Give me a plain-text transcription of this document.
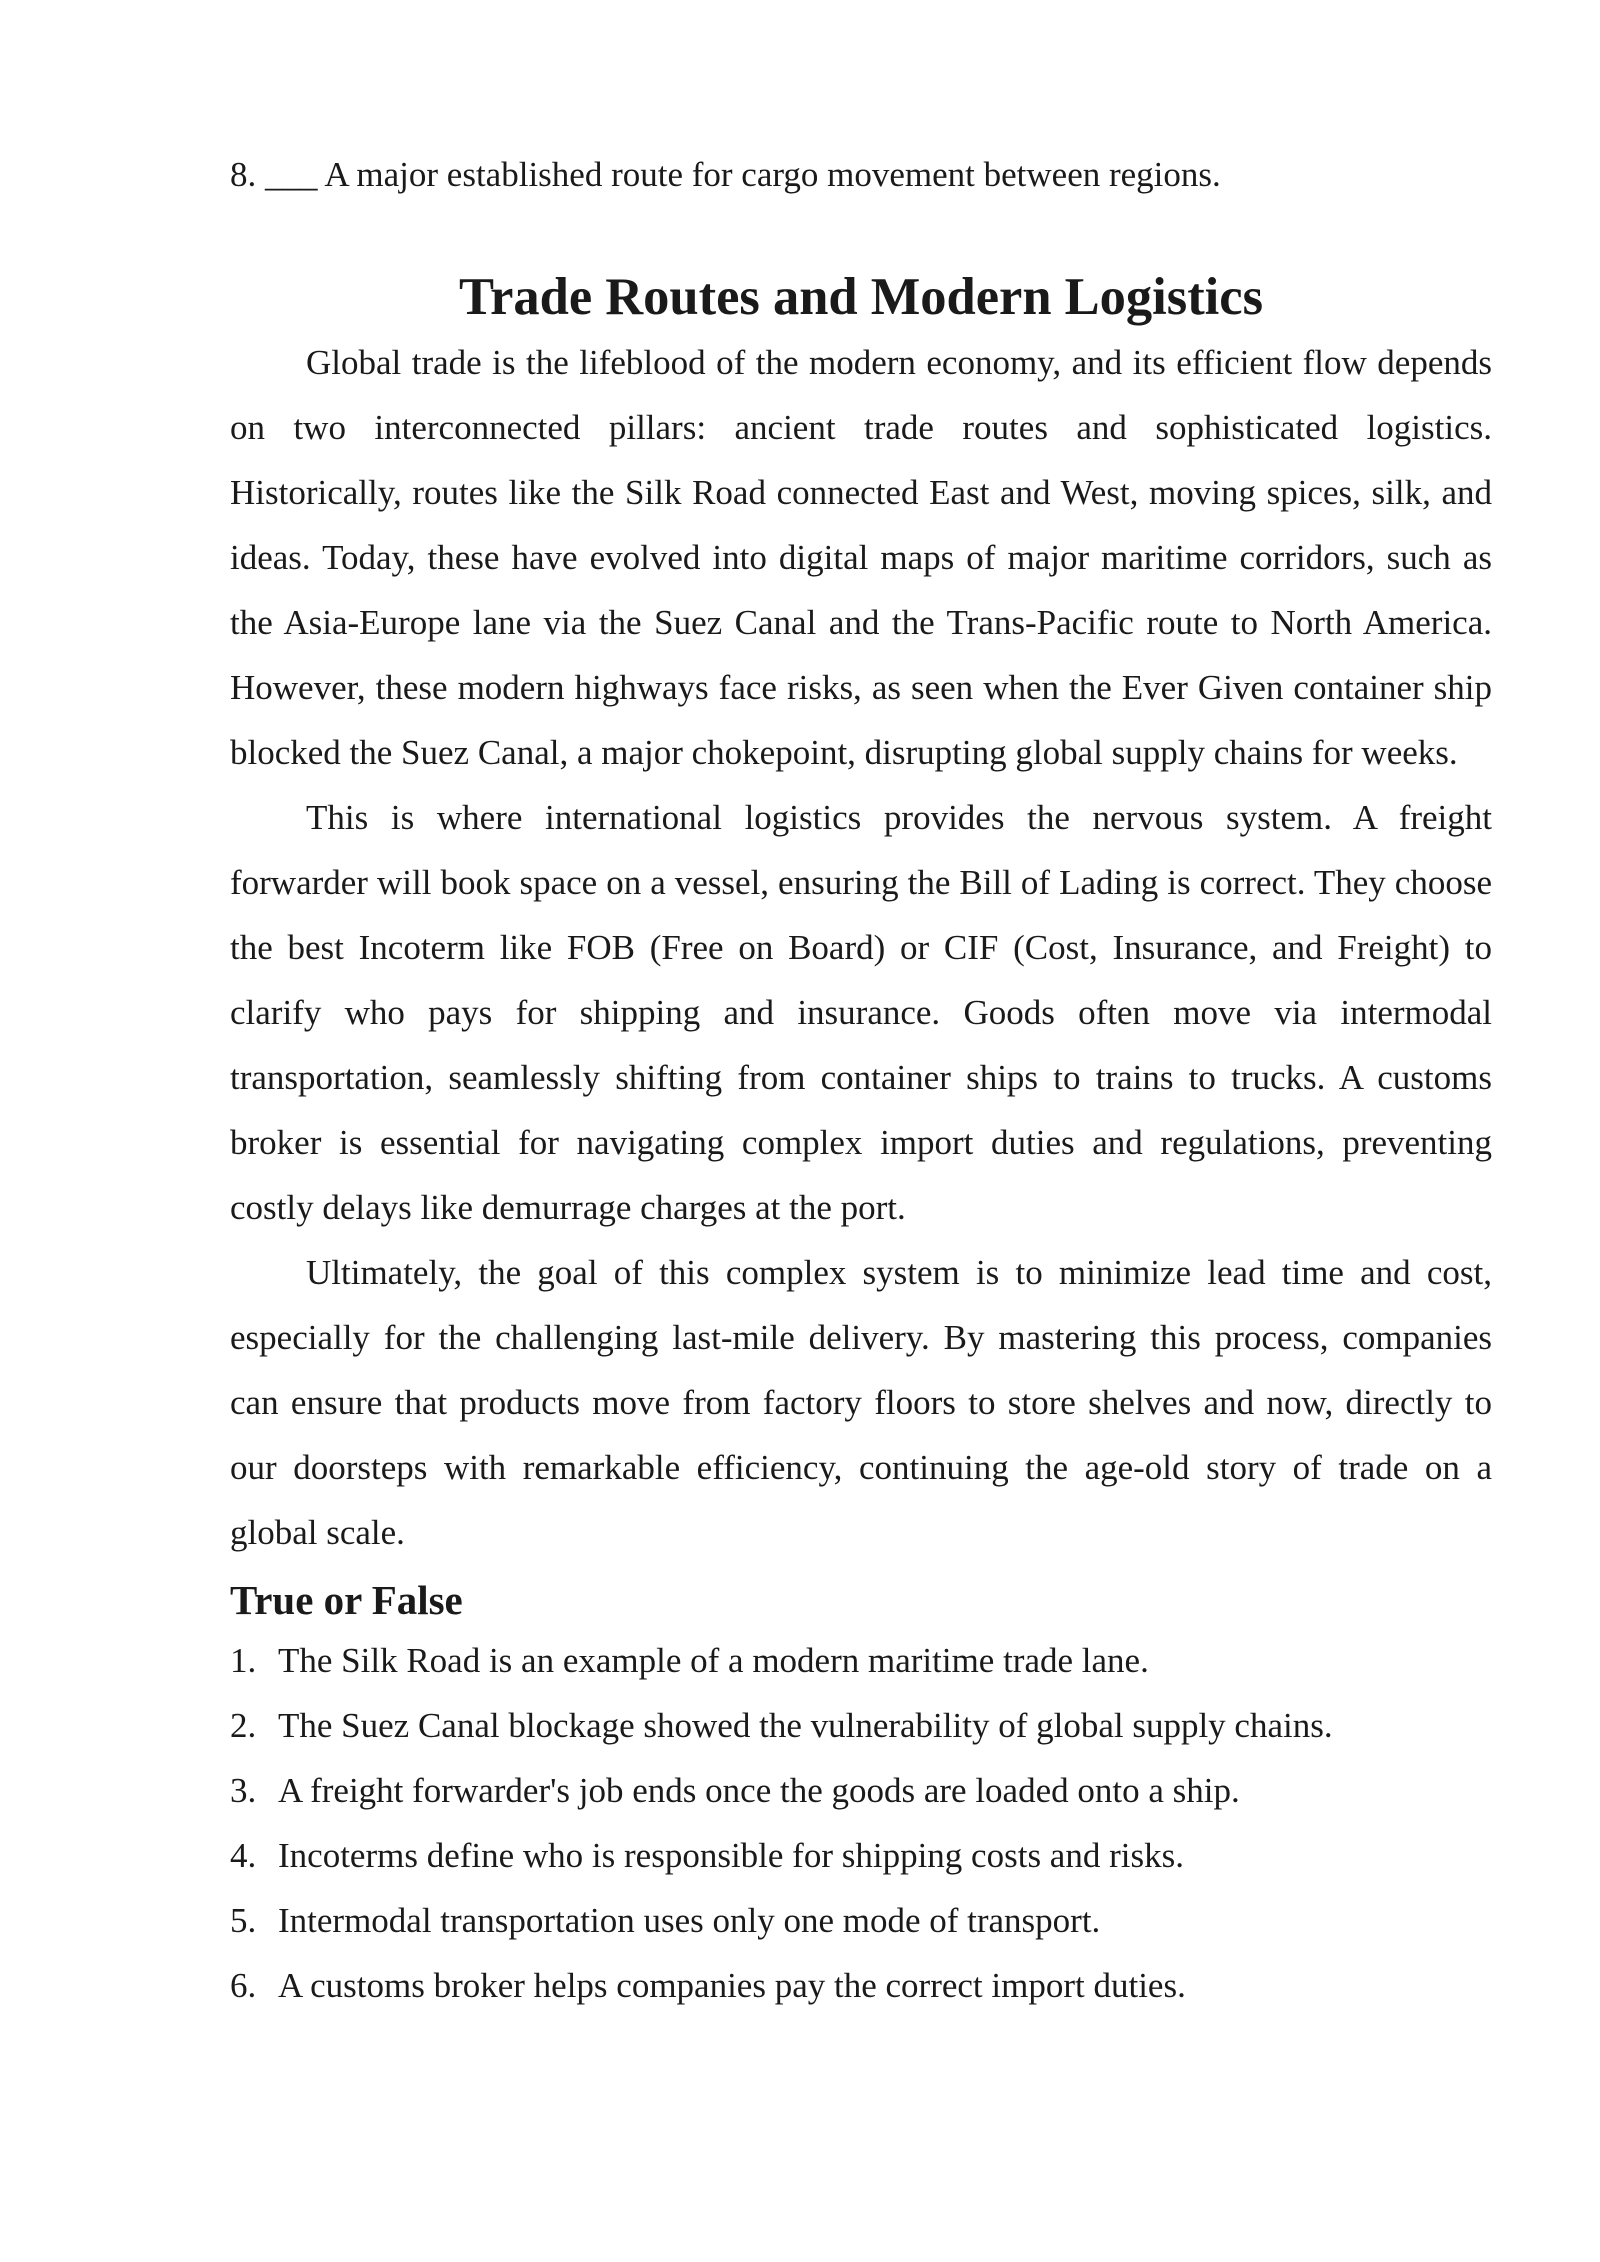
8. ___ A major established route for cargo movement between regions.

Trade Routes and Modern Logistics

Global trade is the lifeblood of the modern economy, and its efficient flow depends on two interconnected pillars: ancient trade routes and sophisticated logistics. Historically, routes like the Silk Road connected East and West, moving spices, silk, and ideas. Today, these have evolved into digital maps of major maritime corridors, such as the Asia-Europe lane via the Suez Canal and the Trans-Pacific route to North America. However, these modern highways face risks, as seen when the Ever Given container ship blocked the Suez Canal, a major chokepoint, disrupting global supply chains for weeks.

This is where international logistics provides the nervous system. A freight forwarder will book space on a vessel, ensuring the Bill of Lading is correct. They choose the best Incoterm like FOB (Free on Board) or CIF (Cost, Insurance, and Freight) to clarify who pays for shipping and insurance. Goods often move via intermodal transportation, seamlessly shifting from container ships to trains to trucks. A customs broker is essential for navigating complex import duties and regulations, preventing costly delays like demurrage charges at the port.

Ultimately, the goal of this complex system is to minimize lead time and cost, especially for the challenging last-mile delivery. By mastering this process, companies can ensure that products move from factory floors to store shelves and now, directly to our doorsteps with remarkable efficiency, continuing the age-old story of trade on a global scale.

True or False
1. The Silk Road is an example of a modern maritime trade lane.
2. The Suez Canal blockage showed the vulnerability of global supply chains.
3. A freight forwarder's job ends once the goods are loaded onto a ship.
4. Incoterms define who is responsible for shipping costs and risks.
5. Intermodal transportation uses only one mode of transport.
6. A customs broker helps companies pay the correct import duties.
